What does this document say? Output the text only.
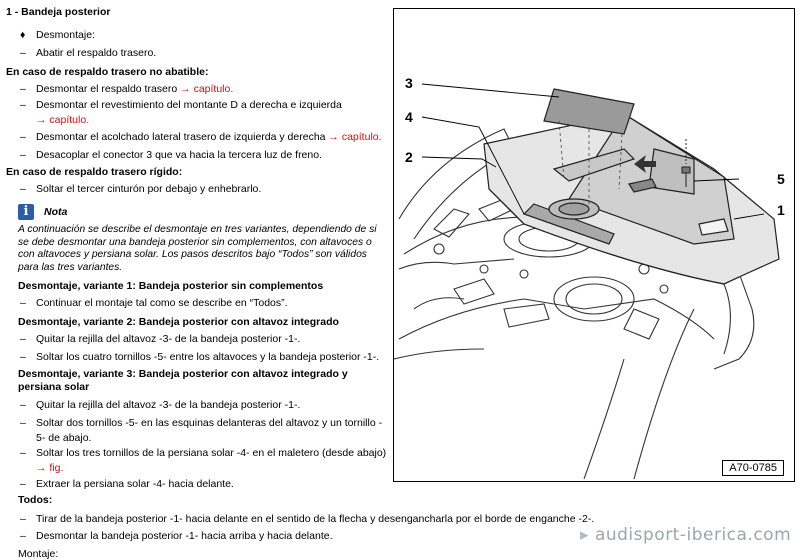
1 - Bandeja posterior
♦ Desmontaje:
– Abatir el respaldo trasero.
En caso de respaldo trasero no abatible:
– Desmontar el respaldo trasero → capítulo.
– Desmontar el revestimiento del montante D a derecha e izquierda
→ capítulo.
– Desmontar el acolchado lateral trasero de izquierda y derecha → capítulo.
– Desacoplar el conector 3 que va hacia la tercera luz de freno.
En caso de respaldo trasero rígido:
– Soltar el tercer cinturón por debajo y enhebrarlo.
i	Nota
A continuación se describe el desmontaje en tres variantes, dependiendo de si
se debe desmontar una bandeja posterior sin complementos, con altavoces o
con altavoces y persiana solar. Los pasos descritos bajo “Todos” son válidos
para las tres variantes.
Desmontaje, variante 1: Bandeja posterior sin complementos
– Continuar el montaje tal como se describe en “Todos”.
Desmontaje, variante 2: Bandeja posterior con altavoz integrado
– Quitar la rejilla del altavoz -3- de la bandeja posterior -1-.
– Soltar los cuatro tornillos -5- entre los altavoces y la bandeja posterior -1-.
Desmontaje, variante 3: Bandeja posterior con altavoz integrado y
persiana solar
– Quitar la rejilla del altavoz -3- de la bandeja posterior -1-.
– Soltar dos tornillos -5- en las esquinas delanteras del altavoz y un tornillo -
5- de abajo.
– Soltar los tres tornillos de la persiana solar -4- en el maletero (desde abajo)
→ fig.
– Extraer la persiana solar -4- hacia delante.
Todos:
– Tirar de la bandeja posterior -1- hacia delante en el sentido de la flecha y desengancharla por el borde de enganche -2-.
– Desmontar la bandeja posterior -1- hacia arriba y hacia delante.
Montaje:
3
4
2
5
1
A70-0785
▸ audisport-iberica.com
